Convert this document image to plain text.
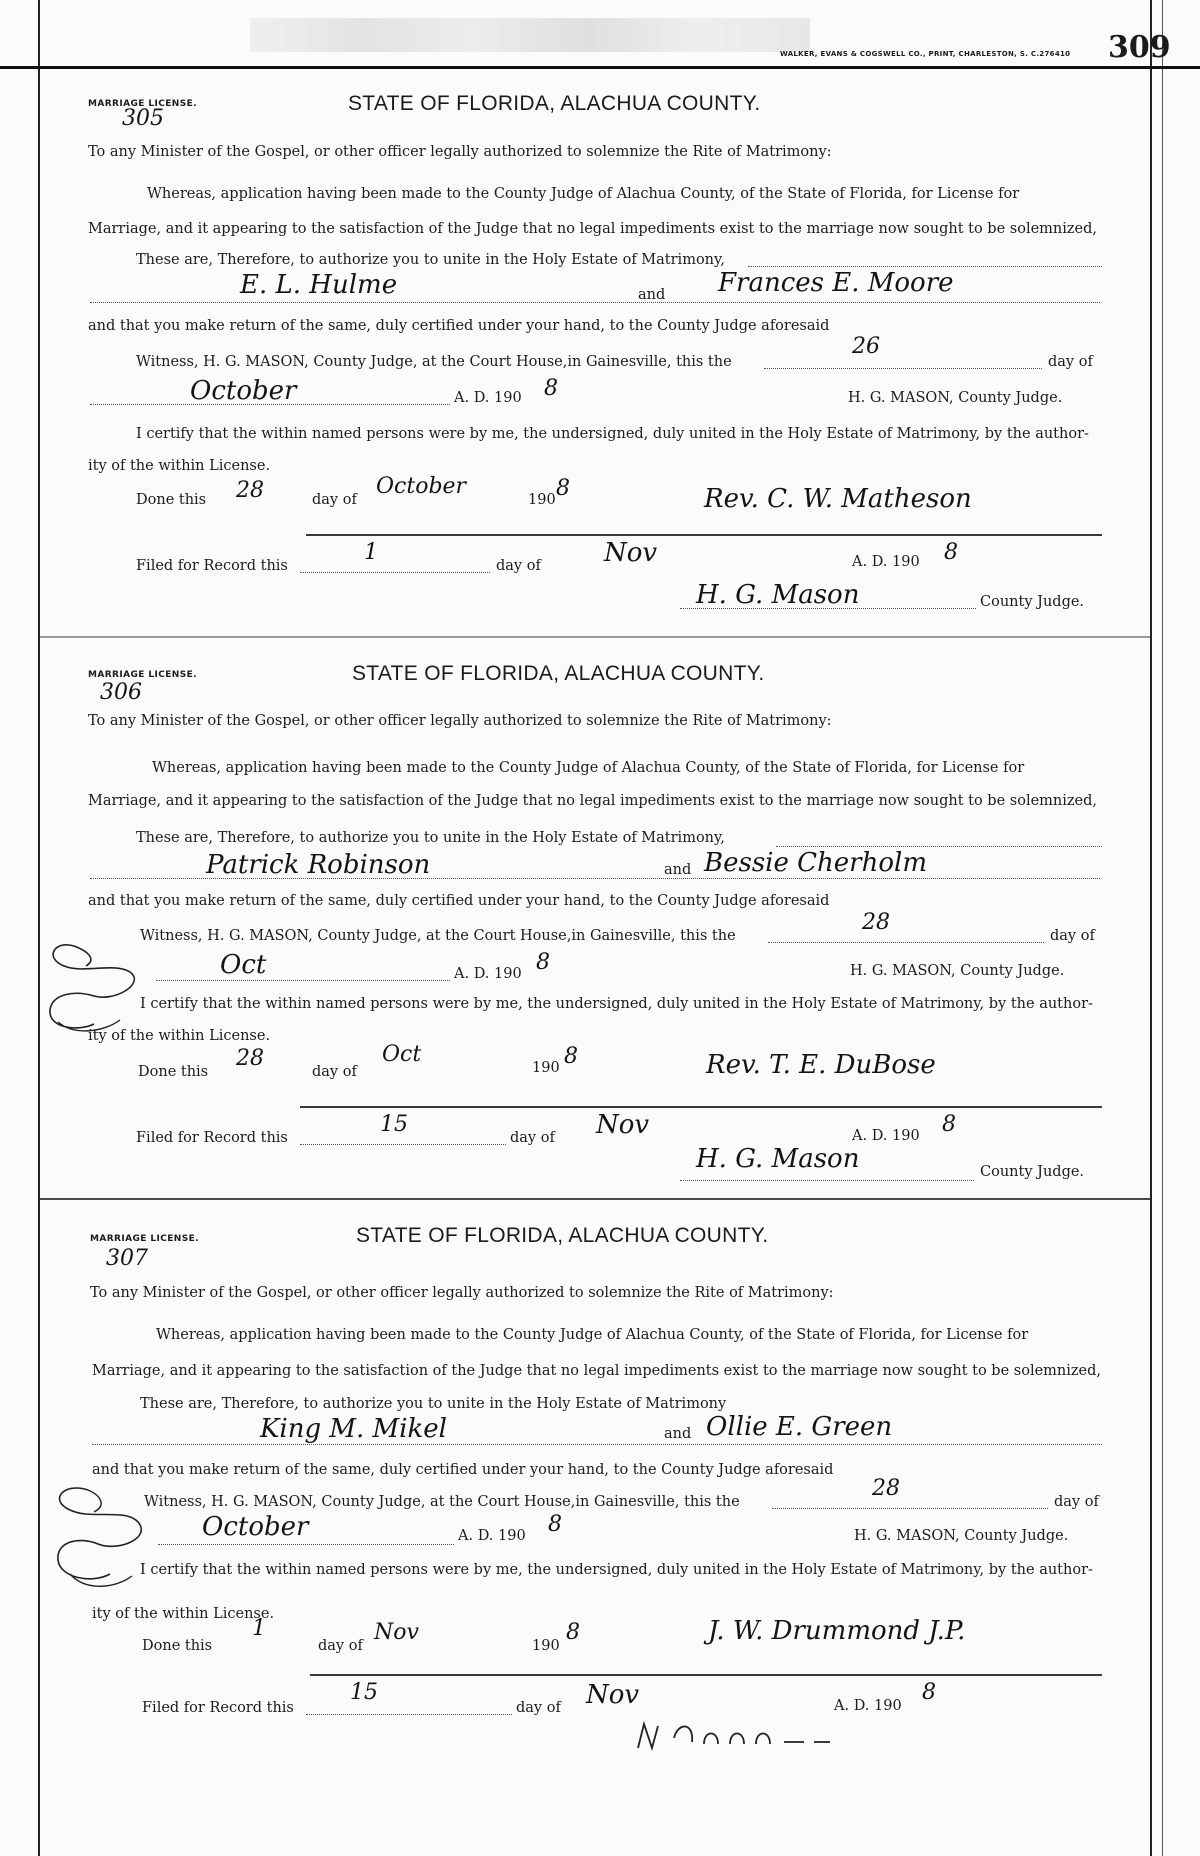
WALKER, EVANS & COGSWELL CO., PRINT, CHARLESTON, S. C.276410 309
MARRIAGE LICENSE.
305
STATE OF FLORIDA, ALACHUA COUNTY.
To any Minister of the Gospel, or other officer legally authorized to solemnize the Rite of Matrimony:
Whereas, application having been made to the County Judge of Alachua County, of the State of Florida, for License for
Marriage, and it appearing to the satisfaction of the Judge that no legal impediments exist to the marriage now sought to be solemnized,
These are, Therefore, to authorize you to unite in the Holy Estate of Matrimony,
E. L. Hulme	and Frances E. Moore
and that you make return of the same, duly certified under your hand, to the County Judge aforesaid
Witness, H. G. MASON, County Judge, at the Court House,in Gainesville, this the
26
day of
October	A. D. 190 8	H. G. MASON, County Judge.
I certify that the within named persons were by me, the undersigned, duly united in the Holy Estate of Matrimony, by the author-
ity of the within License.
Done this 28	day of
October
190 8	Rev. C. W. Matheson
Filed for Record this
1
day of Nov	A. D. 190 8
H. G. Mason	County Judge.
MARRIAGE LICENSE.
306
STATE OF FLORIDA, ALACHUA COUNTY.
To any Minister of the Gospel, or other officer legally authorized to solemnize the Rite of Matrimony:
Whereas, application having been made to the County Judge of Alachua County, of the State of Florida, for License for
Marriage, and it appearing to the satisfaction of the Judge that no legal impediments exist to the marriage now sought to be solemnized,
These are, Therefore, to authorize you to unite in the Holy Estate of Matrimony,
Patrick Robinson	and Bessie Cherholm
and that you make return of the same, duly certified under your hand, to the County Judge aforesaid
Witness, H. G. MASON, County Judge, at the Court House,in Gainesville, this the
28
day of
Oct	A. D. 190 8	H. G. MASON, County Judge.
I certify that the within named persons were by me, the undersigned, duly united in the Holy Estate of Matrimony, by the author-
ity of the within License.
Done this
28
day of
Oct
190 8	Rev. T. E. DuBose
Filed for Record this
15
day of Nov	A. D. 190 8
H. G. Mason	County Judge.
MARRIAGE LICENSE.
307
STATE OF FLORIDA, ALACHUA COUNTY.
To any Minister of the Gospel, or other officer legally authorized to solemnize the Rite of Matrimony:
Whereas, application having been made to the County Judge of Alachua County, of the State of Florida, for License for
Marriage, and it appearing to the satisfaction of the Judge that no legal impediments exist to the marriage now sought to be solemnized,
These are, Therefore, to authorize you to unite in the Holy Estate of Matrimony
King M. Mikel	and Ollie E. Green
and that you make return of the same, duly certified under your hand, to the County Judge aforesaid
Witness, H. G. MASON, County Judge, at the Court House,in Gainesville, this the
28
day of
October	A. D. 190 8	H. G. MASON, County Judge.
I certify that the within named persons were by me, the undersigned, duly united in the Holy Estate of Matrimony, by the author-
ity of the within License.
Done this
1
day of
Nov
190
8	J. W. Drummond J.P.
Filed for Record this
15
day of Nov	A. D. 190
8
